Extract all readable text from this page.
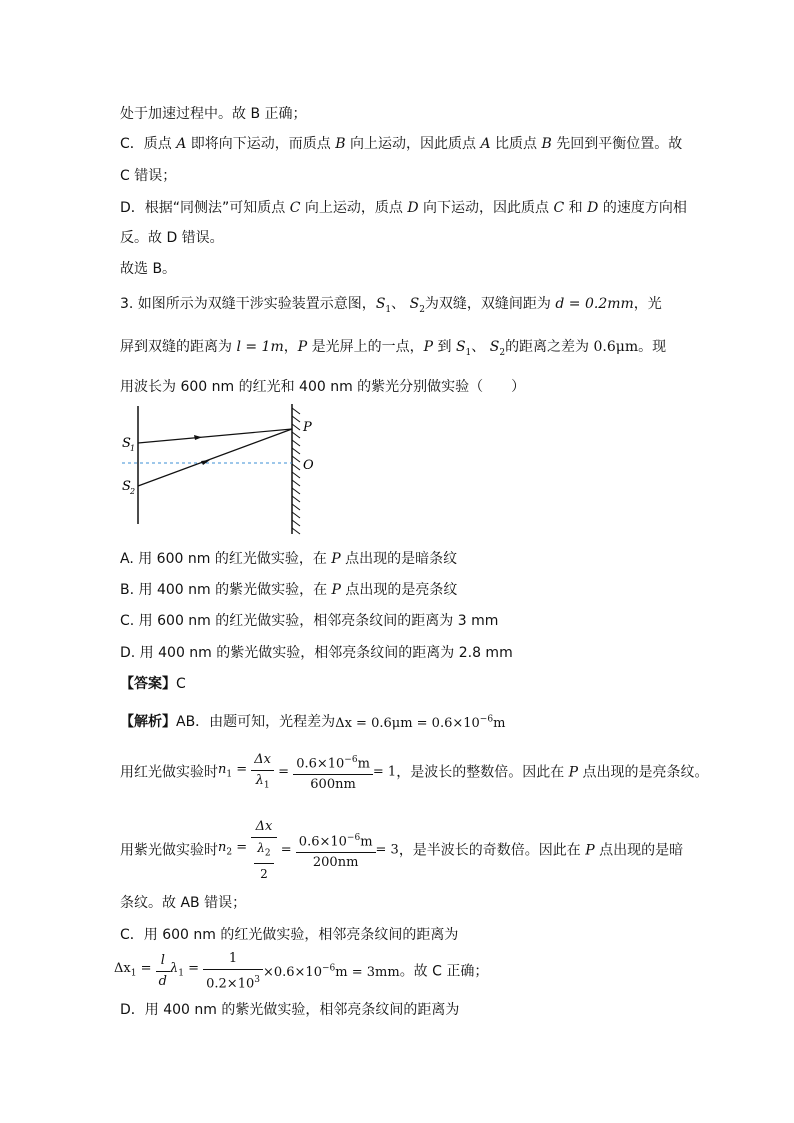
处于加速过程中。故 B 正确；
C．质点 A 即将向下运动，而质点 B 向上运动，因此质点 A 比质点 B 先回到平衡位置。故
C 错误；
D．根据“同侧法”可知质点 C 向上运动，质点 D 向下运动，因此质点 C 和 D 的速度方向相
反。故 D 错误。
故选 B。
3. 如图所示为双缝干涉实验装置示意图，$S_1$、 $S_2$为双缝，双缝间距为 d = 0.2mm，光
屏到双缝的距离为 l = 1m，P 是光屏上的一点，P 到 $S_1$、 $S_2$的距离之差为 0.6μm。现
用波长为 600 nm 的红光和 400 nm 的紫光分别做实验（　　）
S 1
S 2
P
O
A. 用 600 nm 的红光做实验，在 P 点出现的是暗条纹
B. 用 400 nm 的紫光做实验，在 P 点出现的是亮条纹
C. 用 600 nm 的红光做实验，相邻亮条纹间的距离为 3 mm
D. 用 400 nm 的紫光做实验，相邻亮条纹间的距离为 2.8 mm
【答案】C
【解析】AB．由题可知，光程差为$\Delta x = 0.6\mu m = 0.6\times 10^{-6}m$
用红光做实验时$n_1 = \frac{\Delta x}{\lambda_1} = \frac{0.6\times 10^{-6}m}{600nm} = 1$，是波长的整数倍。因此在 P 点出现的是亮条纹。
用紫光做实验时$n_2 = \frac{\Delta x}{\frac{\lambda_2}{2}} = \frac{0.6\times 10^{-6}m}{200nm} = 3$，是半波长的奇数倍。因此在 P 点出现的是暗
条纹。故 AB 错误；
C．用 600 nm 的红光做实验，相邻亮条纹间的距离为
$\Delta x_1 = \frac{l}{d} \lambda_1 = \frac{1}{0.2\times 10^3} \times 0.6\times 10^{-6}m = 3mm$。故 C 正确；
D．用 400 nm 的紫光做实验，相邻亮条纹间的距离为
